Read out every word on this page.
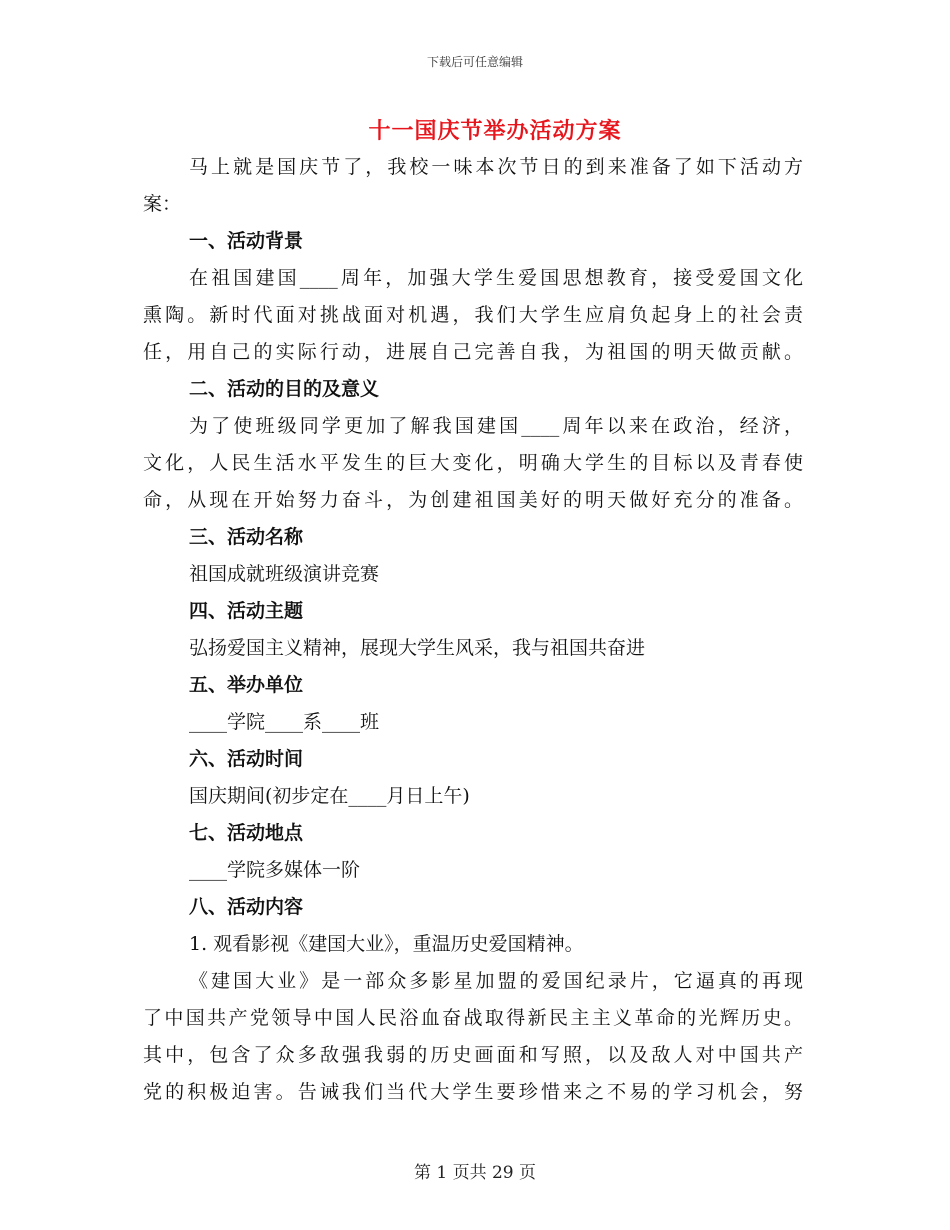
下载后可任意编辑
十一国庆节举办活动方案
马上就是国庆节了，我校一味本次节日的到来准备了如下活动方
案：
一、活动背景
在祖国建国____周年，加强大学生爱国思想教育，接受爱国文化
熏陶。新时代面对挑战面对机遇，我们大学生应肩负起身上的社会责
任，用自己的实际行动，进展自己完善自我，为祖国的明天做贡献。
二、活动的目的及意义
为了使班级同学更加了解我国建国____周年以来在政治，经济，
文化，人民生活水平发生的巨大变化，明确大学生的目标以及青春使
命，从现在开始努力奋斗，为创建祖国美好的明天做好充分的准备。
三、活动名称
祖国成就班级演讲竞赛
四、活动主题
弘扬爱国主义精神，展现大学生风采，我与祖国共奋进
五、举办单位
____学院____系____班
六、活动时间
国庆期间(初步定在____月日上午)
七、活动地点
____学院多媒体一阶
八、活动内容
1. 观看影视《建国大业》，重温历史爱国精神。
《建国大业》是一部众多影星加盟的爱国纪录片，它逼真的再现
了中国共产党领导中国人民浴血奋战取得新民主主义革命的光辉历史。
其中，包含了众多敌强我弱的历史画面和写照，以及敌人对中国共产
党的积极迫害。告诫我们当代大学生要珍惜来之不易的学习机会，努
第 1 页共 29 页
